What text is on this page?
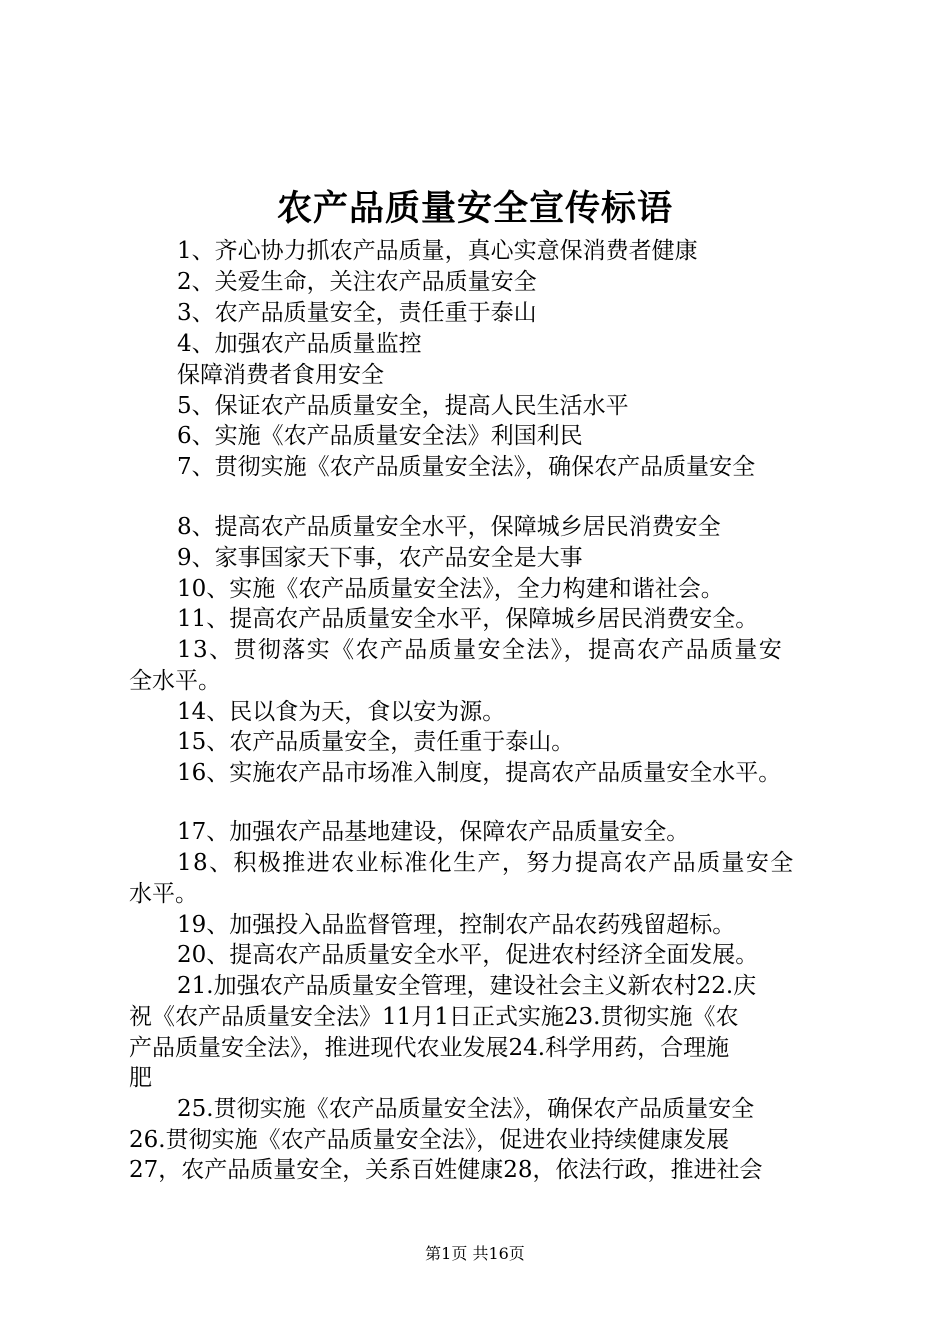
农产品质量安全宣传标语
1、齐心协力抓农产品质量，真心实意保消费者健康
2、关爱生命，关注农产品质量安全
3、农产品质量安全，责任重于泰山
4、加强农产品质量监控
保障消费者食用安全
5、保证农产品质量安全，提高人民生活水平
6、实施《农产品质量安全法》利国利民
7、贯彻实施《农产品质量安全法》，确保农产品质量安全
8、提高农产品质量安全水平，保障城乡居民消费安全
9、家事国家天下事，农产品安全是大事
10、实施《农产品质量安全法》，全力构建和谐社会。
11、提高农产品质量安全水平，保障城乡居民消费安全。
13、贯彻落实《农产品质量安全法》，提高农产品质量安
全水平。
14、民以食为天，食以安为源。
15、农产品质量安全，责任重于泰山。
16、实施农产品市场准入制度，提高农产品质量安全水平。
17、加强农产品基地建设，保障农产品质量安全。
18、积极推进农业标准化生产，努力提高农产品质量安全
水平。
19、加强投入品监督管理，控制农产品农药残留超标。
20、提高农产品质量安全水平，促进农村经济全面发展。
21.加强农产品质量安全管理，建设社会主义新农村22.庆
祝《农产品质量安全法》11月1日正式实施23.贯彻实施《农
产品质量安全法》，推进现代农业发展24.科学用药，合理施
肥
25.贯彻实施《农产品质量安全法》，确保农产品质量安全
26.贯彻实施《农产品质量安全法》，促进农业持续健康发展
27，农产品质量安全，关系百姓健康28，依法行政，推进社会
第1页 共16页
